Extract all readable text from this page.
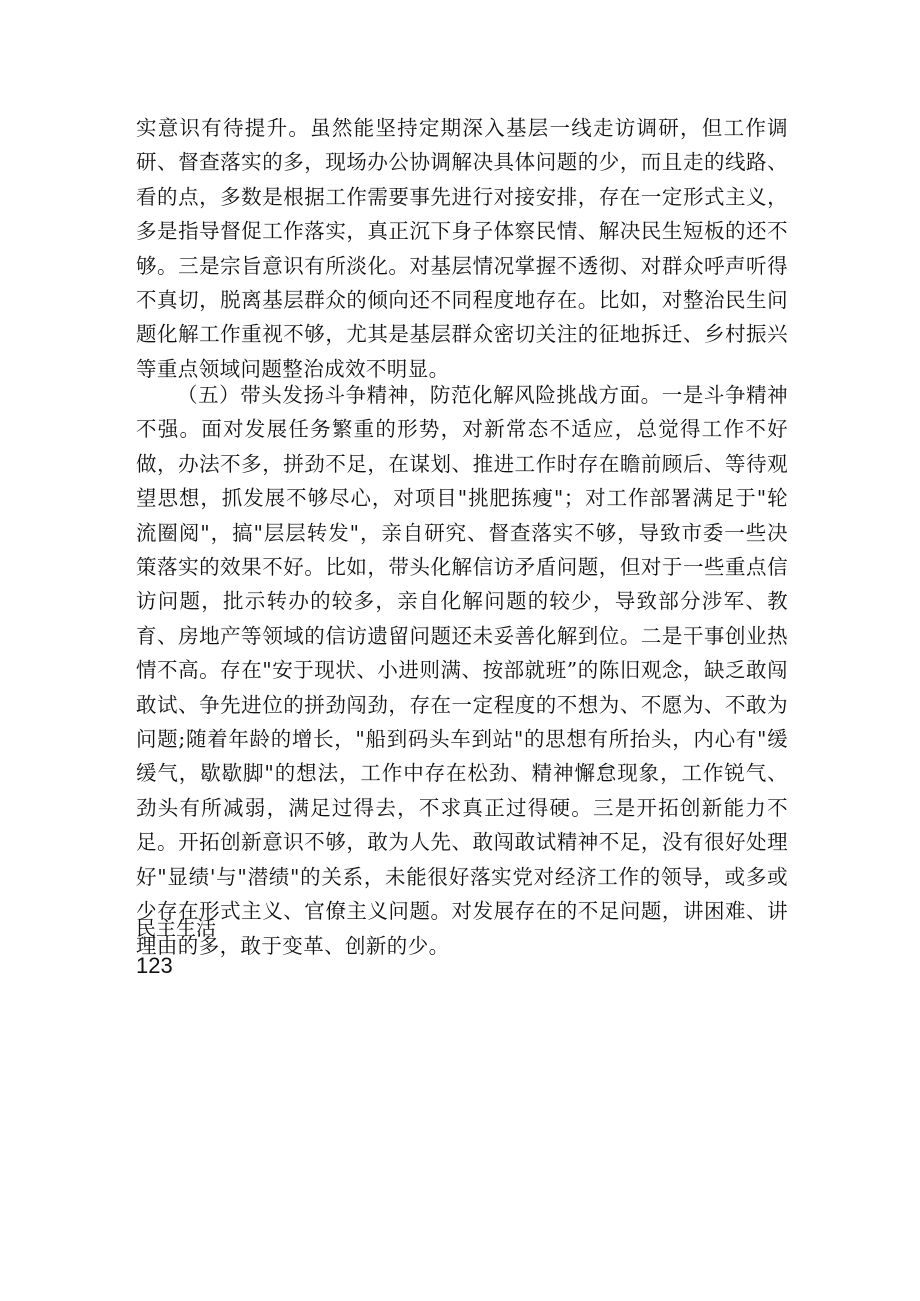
实意识有待提升。虽然能坚持定期深入基层一线走访调研，但工作调研、督查落实的多，现场办公协调解决具体问题的少，而且走的线路、看的点，多数是根据工作需要事先进行对接安排，存在一定形式主义，多是指导督促工作落实，真正沉下身子体察民情、解决民生短板的还不够。三是宗旨意识有所淡化。对基层情况掌握不透彻、对群众呼声听得不真切，脱离基层群众的倾向还不同程度地存在。比如，对整治民生问题化解工作重视不够，尤其是基层群众密切关注的征地拆迁、乡村振兴等重点领域问题整治成效不明显。

（五）带头发扬斗争精神，防范化解风险挑战方面。一是斗争精神不强。面对发展任务繁重的形势，对新常态不适应，总觉得工作不好做，办法不多，拼劲不足，在谋划、推进工作时存在瞻前顾后、等待观望思想，抓发展不够尽心，对项目"挑肥拣瘦"；对工作部署满足于"轮流圈阅"，搞"层层转发"，亲自研究、督查落实不够，导致市委一些决策落实的效果不好。比如，带头化解信访矛盾问题，但对于一些重点信访问题，批示转办的较多，亲自化解问题的较少，导致部分涉军、教育、房地产等领域的信访遗留问题还未妥善化解到位。二是干事创业热情不高。存在"安于现状、小进则满、按部就班”的陈旧观念，缺乏敢闯敢试、争先进位的拼劲闯劲，存在一定程度的不想为、不愿为、不敢为问题;随着年龄的增长，"船到码头车到站"的思想有所抬头，内心有"缓缓气，歇歇脚"的想法，工作中存在松劲、精神懈怠现象，工作锐气、劲头有所减弱，满足过得去，不求真正过得硬。三是开拓创新能力不足。开拓创新意识不够，敢为人先、敢闯敢试精神不足，没有很好处理好"显绩'与"潜绩"的关系，未能很好落实党对经济工作的领导，或多或少存在形式主义、官僚主义问题。对发展存在的不足问题，讲困难、讲理由的多，敢于变革、创新的少。

民主生活
123
